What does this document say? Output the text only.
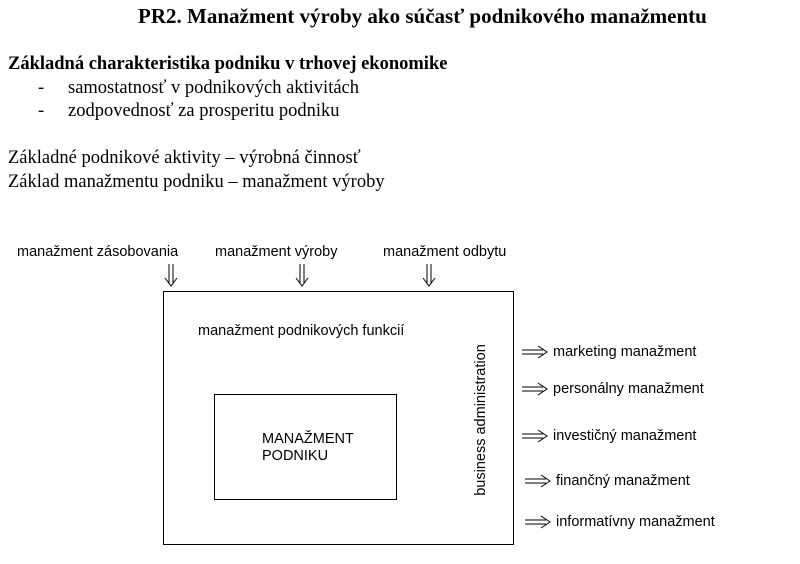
PR2. Manažment výroby ako súčasť podnikového manažmentu
Základná charakteristika podniku v trhovej ekonomike
- samostatnosť v podnikových aktivitách
- zodpovednosť za prosperitu podniku
Základné podnikové aktivity – výrobná činnosť
Základ manažmentu podniku – manažment výroby
manažment zásobovania	manažment výroby	manažment odbytu
manažment podnikových funkcií
MANAŽMENT
PODNIKU	business administration	marketing manažment
personálny manažment
investičný manažment
finančný manažment
informatívny manažment
